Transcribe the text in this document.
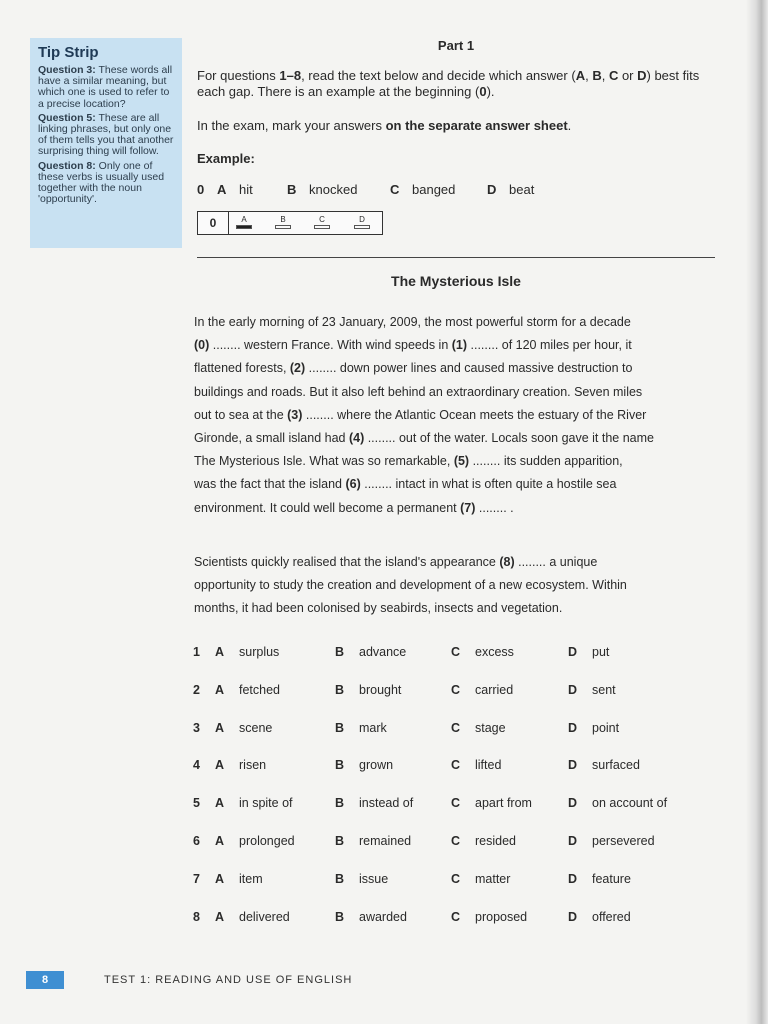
Tip Strip
Question 3: These words all have a similar meaning, but which one is used to refer to a precise location?
Question 5: These are all linking phrases, but only one of them tells you that another surprising thing will follow.
Question 8: Only one of these verbs is usually used together with the noun 'opportunity'.
Part 1
For questions 1–8, read the text below and decide which answer (A, B, C or D) best fits each gap. There is an example at the beginning (0).
In the exam, mark your answers on the separate answer sheet.
Example:
0 A hit	B knocked	C banged D beat
0	A	B	C	D
The Mysterious Isle
In the early morning of 23 January, 2009, the most powerful storm for a decade
(0) ........ western France. With wind speeds in (1) ........ of 120 miles per hour, it
flattened forests, (2) ........ down power lines and caused massive destruction to
buildings and roads. But it also left behind an extraordinary creation. Seven miles
out to sea at the (3) ........ where the Atlantic Ocean meets the estuary of the River
Gironde, a small island had (4) ........ out of the water. Locals soon gave it the name
The Mysterious Isle. What was so remarkable, (5) ........ its sudden apparition,
was the fact that the island (6) ........ intact in what is often quite a hostile sea
environment. It could well become a permanent (7) ........ .
Scientists quickly realised that the island's appearance (8) ........ a unique
opportunity to study the creation and development of a new ecosystem. Within
months, it had been colonised by seabirds, insects and vegetation.
1 A surplus	B advance	C excess	D put
2 A fetched	B brought	C carried	D sent
3 A scene	B mark	C stage	D point
4 A risen	B grown	C lifted	D surfaced
5 A in spite of	B instead of	C apart from	D on account of
6 A prolonged	B remained	C resided	D persevered
7 A item	B issue	C matter	D feature
8 A delivered	B awarded	C proposed	D offered
8	TEST 1: READING AND USE OF ENGLISH
